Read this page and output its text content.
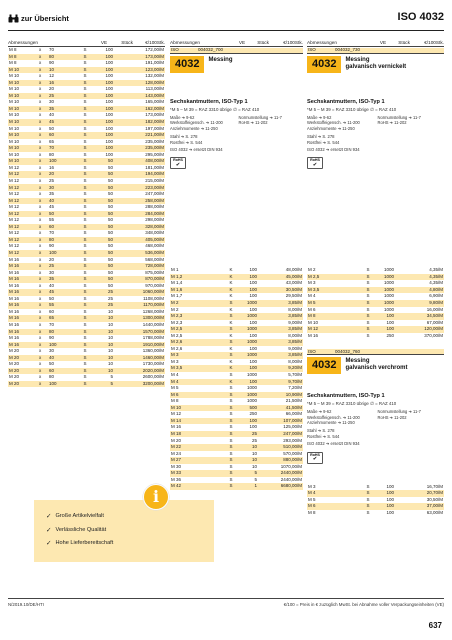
zur Übersicht	ISO 4032
Abmessungen	VE	Stück	€/100Stk.
M 8	x	70	S	100	172,00/M
M 8	x	80	S	100	173,00/M
M 8	x	90	S	100	191,00/M
M 10	x	10	S	100	123,00/M
M 10	x	12	S	100	132,00/M
M 10	x	16	S	100	128,00/M
M 10	x	20	S	100	113,00/M
M 10	x	25	S	100	143,00/M
M 10	x	30	S	100	165,00/M
M 10	x	35	S	100	162,00/M
M 10	x	40	S	100	173,00/M
M 10	x	45	S	100	182,00/M
M 10	x	50	S	100	197,00/M
M 10	x	60	S	100	221,00/M
M 10	x	65	S	100	235,00/M
M 10	x	70	S	100	235,00/M
M 10	x	80	S	100	295,00/M
M 10	x	100	S	50	408,00/M
M 12	x	16	S	50	181,00/M
M 12	x	20	S	50	194,00/M
M 12	x	25	S	50	215,00/M
M 12	x	30	S	50	223,00/M
M 12	x	35	S	50	247,00/M
M 12	x	40	S	50	258,00/M
M 12	x	45	S	50	288,00/M
M 12	x	50	S	50	284,00/M
M 12	x	55	S	50	298,00/M
M 12	x	60	S	50	328,00/M
M 12	x	70	S	50	348,00/M
M 12	x	80	S	50	405,00/M
M 12	x	90	S	50	468,00/M
M 12	x	100	S	50	536,00/M
M 16	x	20	S	50	568,00/M
M 16	x	25	S	50	728,00/M
M 16	x	30	S	50	875,00/M
M 16	x	35	S	50	870,00/M
M 16	x	40	S	50	970,00/M
M 16	x	45	S	25	1060,00/M
M 16	x	50	S	25	1108,00/M
M 16	x	55	S	25	1170,00/M
M 16	x	60	S	10	1268,00/M
M 16	x	65	S	10	1300,00/M
M 16	x	70	S	10	1440,00/M
M 16	x	80	S	10	1570,00/M
M 16	x	90	S	10	1788,00/M
M 16	x	100	S	10	1910,00/M
M 20	x	30	S	10	1360,00/M
M 20	x	40	S	10	1460,00/M
M 20	x	50	S	10	1730,00/M
M 20	x	60	S	10	2020,00/M
M 20	x	80	S	5	2600,00/M
M 20	x	100	S	5	3200,00/M
✓ Große Artikelvielfalt
✓ Verlässliche Qualität
✓ Hohe Lieferbereitschaft
i
Abmessungen	VE	Stück	€/100Stk.
ISO	004032_700
4032	Messing
Sechskantmuttern, ISO-Typ 1
*M 5 – M 39 = RAZ 3310 übrige ∅ = RAZ 410
Maße ➔ 9-62	Normumstellung ➔ 11-7
Werkstoffeigensch. ➔ 11-200	RoHS ➔ 11-202
Anziehmomente ➔ 11-250
Stahl ➔ S. 278
Rostfrei ➔ S. 544
ISO 4032 ➔ ersetzt DIN 934
RoHS
✔
M 1	K	100	48,00/M
M 1,2	K	100	45,00/M
M 1,4	K	100	43,00/M
M 1,6	K	100	30,50/M
M 1,7	K	100	29,50/M
M 2	S	1000	3,85/M
M 2	K	100	8,00/M
M 2,3	S	1000	3,85/M
M 2,3	K	100	9,00/M
M 2,5	S	1000	3,85/M
M 2,5	K	100	8,00/M
M 2,6	S	1000	3,85/M
M 2,6	K	100	9,00/M
M 3	S	1000	3,85/M
M 3	K	100	8,00/M
M 3,5	K	100	9,20/M
M 4	S	1000	5,70/M
M 4	K	100	9,70/M
M 5	S	1000	7,20/M
M 6	S	1000	10,90/M
M 8	S	1000	21,50/M
M 10	S	500	41,50/M
M 12	S	250	66,00/M
M 14	S	100	107,00/M
M 16	S	100	125,00/M
M 18	S	25	247,00/M
M 20	S	25	293,00/M
M 22	S	10	510,00/M
M 24	S	10	570,00/M
M 27	S	10	880,00/M
M 30	S	10	1070,00/M
M 33	S	5	2440,00/M
M 36	S	5	2440,00/M
M 42	S	1	6680,00/M
Abmessungen	VE	Stück	€/100Stk.
ISO	004032_730
4032	Messing
galvanisch vernickelt
Sechskantmuttern, ISO-Typ 1
*M 5 – M 39 = RAZ 3310 übrige ∅ = RAZ 410
Maße ➔ 9-62	Normumstellung ➔ 11-7
Werkstoffeigensch. ➔ 11-200	RoHS ➔ 11-202
Anziehmomente ➔ 11-250
Stahl ➔ S. 278
Rostfrei ➔ S. 544
ISO 4032 ➔ ersetzt DIN 934
RoHS
✔
M 2	S	1000	4,35/M
M 2,5	S	1000	4,35/M
M 3	S	1000	4,35/M
M 3,5	S	1000	4,80/M
M 4	S	1000	6,90/M
M 5	S	1000	9,80/M
M 6	S	1000	16,00/M
M 8	S	100	34,50/M
M 10	S	100	67,00/M
M 12	S	100	120,00/M
M 16	S	250	370,00/M
ISO	004032_760
4032	Messing
galvanisch verchromt
Sechskantmuttern, ISO-Typ 1
*M 5 – M 39 = RAZ 3310 übrige ∅ = RAZ 410
Maße ➔ 9-62	Normumstellung ➔ 11-7
Werkstoffeigensch. ➔ 11-200	RoHS ➔ 11-202
Anziehmomente ➔ 11-250
Stahl ➔ S. 278
Rostfrei ➔ S. 544
ISO 4032 ➔ ersetzt DIN 934
RoHS
✔
M 3	S	100	16,70/M
M 4	S	100	20,70/M
M 5	S	100	30,50/M
M 6	S	100	37,00/M
M 8	S	100	63,00/M
N/2019.10/DE/HTI	€/100 = Preis in € zuzüglich MwSt. bei Abnahme voller Verpackungseinheiten (VE)
637
